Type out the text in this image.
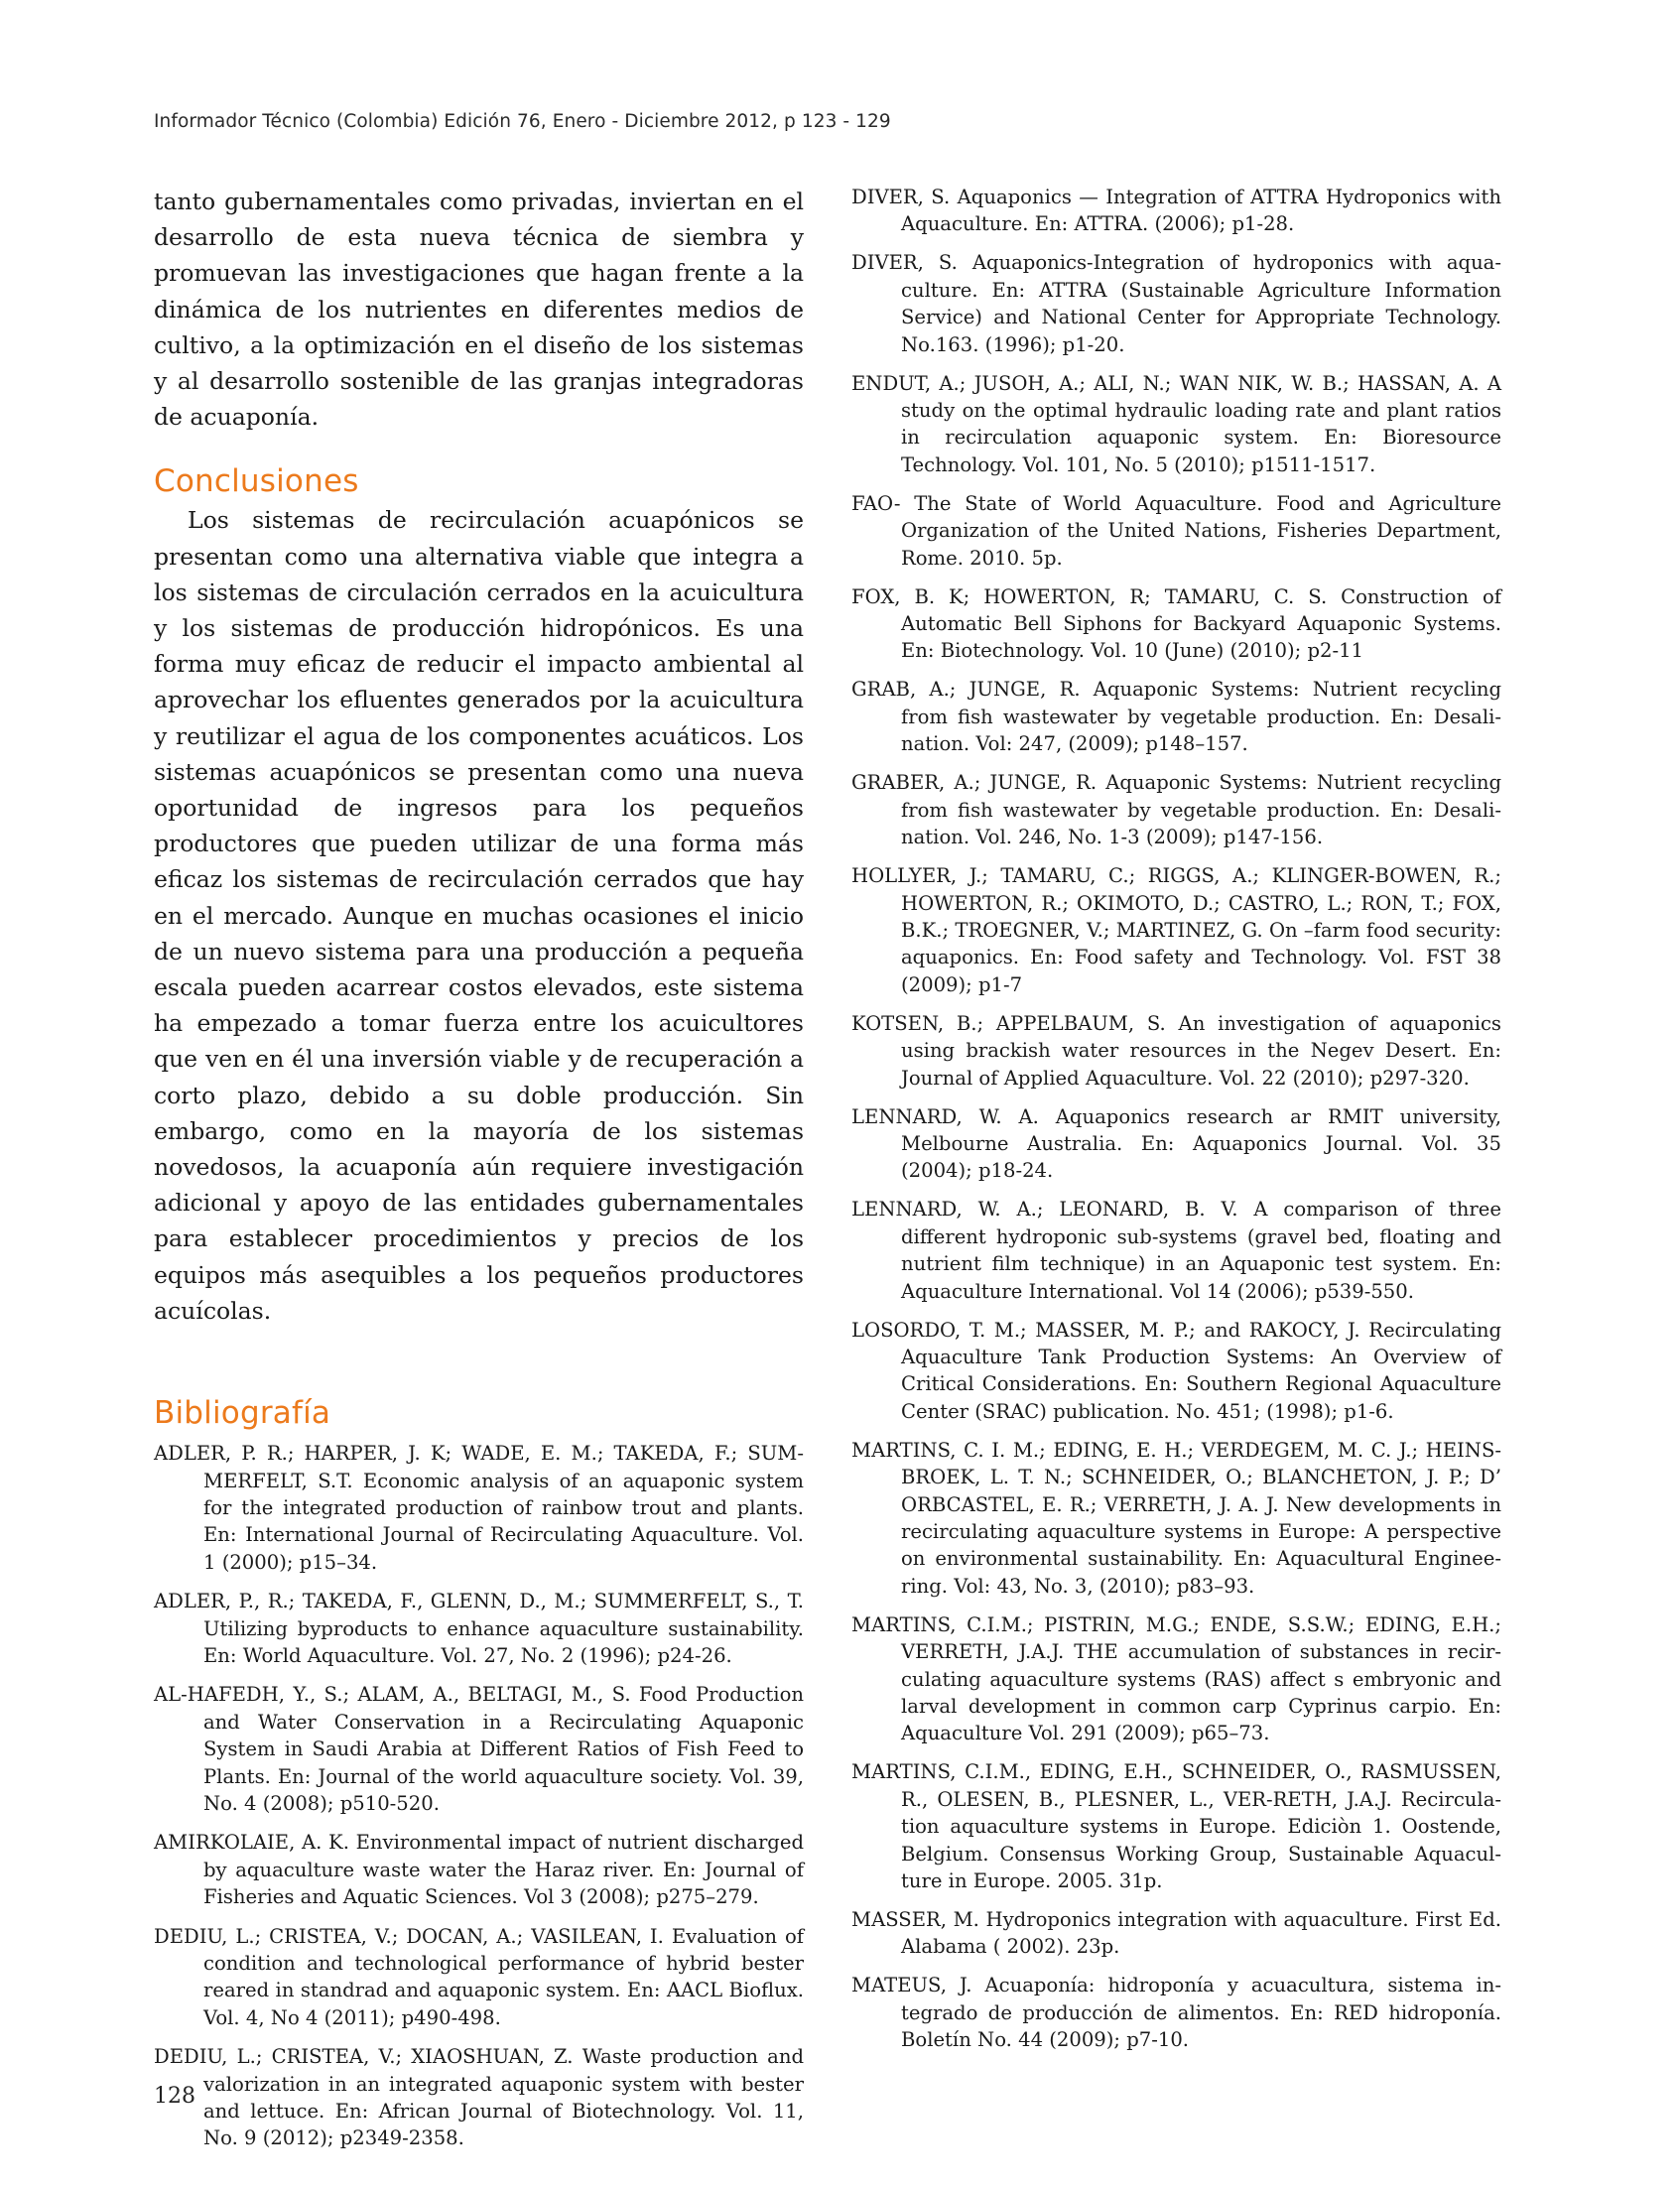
Informador Técnico (Colombia) Edición 76, Enero - Diciembre 2012, p 123 - 129

tanto gubernamentales como privadas, inviertan en el desarrollo de esta nueva técnica de siembra y promuevan las investigaciones que hagan frente a la dinámica de los nutrientes en diferentes medios de cultivo, a la optimización en el diseño de los sistemas y al desarrollo sostenible de las granjas integradoras de acuaponía.

Conclusiones

Los sistemas de recirculación acuapónicos se presentan como una alternativa viable que integra a los sistemas de circulación cerrados en la acuicultura y los sistemas de producción hidropónicos. Es una forma muy eficaz de reducir el impacto ambiental al aprovechar los efluentes generados por la acuicultura y reutilizar el agua de los componentes acuáticos. Los sistemas acuapónicos se presentan como una nueva oportunidad de ingresos para los pequeños productores que pueden utilizar de una forma más eficaz los sistemas de recirculación cerrados que hay en el mercado. Aunque en muchas ocasiones el inicio de un nuevo sistema para una producción a pequeña escala pueden acarrear costos elevados, este sistema ha empezado a tomar fuerza entre los acuicultores que ven en él una inversión viable y de recuperación a corto plazo, debido a su doble producción. Sin embargo, como en la mayoría de los sistemas novedosos, la acuaponía aún requiere investigación adicional y apoyo de las entidades gubernamentales para establecer procedimientos y precios de los equipos más asequibles a los pequeños productores acuícolas.

Bibliografía
ADLER, P. R.; HARPER, J. K; WADE, E. M.; TAKEDA, F.; SUMMERFELT, S.T. Economic analysis of an aquaponic system for the integrated production of rainbow trout and plants. En: International Journal of Recirculating Aquaculture. Vol. 1 (2000); p15–34.
ADLER, P., R.; TAKEDA, F., GLENN, D., M.; SUMMERFELT, S., T. Utilizing byproducts to enhance aquaculture sustainability. En: World Aquaculture. Vol. 27, No. 2 (1996); p24-26.
AL-HAFEDH, Y., S.; ALAM, A., BELTAGI, M., S. Food Production and Water Conservation in a Recirculating Aquaponic System in Saudi Arabia at Different Ratios of Fish Feed to Plants. En: Journal of the world aquaculture society. Vol. 39, No. 4 (2008); p510-520.
AMIRKOLAIE, A. K. Environmental impact of nutrient discharged by aquaculture waste water the Haraz river. En: Journal of Fisheries and Aquatic Sciences. Vol 3 (2008); p275–279.
DEDIU, L.; CRISTEA, V.; DOCAN, A.; VASILEAN, I. Evaluation of condition and technological performance of hybrid bester reared in standrad and aquaponic system. En: AACL Bioflux. Vol. 4, No 4 (2011); p490-498.
DEDIU, L.; CRISTEA, V.; XIAOSHUAN, Z. Waste production and valorization in an integrated aquaponic system with bester and lettuce. En: African Journal of Biotechnology. Vol. 11, No. 9 (2012); p2349-2358.
DIVER, S. Aquaponics — Integration of ATTRA Hydroponics with Aquaculture. En: ATTRA. (2006); p1-28.
DIVER, S. Aquaponics-Integration of hydroponics with aquaculture. En: ATTRA (Sustainable Agriculture Information Service) and National Center for Appropriate Technology. No.163. (1996); p1-20.
ENDUT, A.; JUSOH, A.; ALI, N.; WAN NIK, W. B.; HASSAN, A. A study on the optimal hydraulic loading rate and plant ratios in recirculation aquaponic system. En: Bioresource Technology. Vol. 101, No. 5 (2010); p1511-1517.
FAO- The State of World Aquaculture. Food and Agriculture Organization of the United Nations, Fisheries Department, Rome. 2010. 5p.
FOX, B. K; HOWERTON, R; TAMARU, C. S. Construction of Automatic Bell Siphons for Backyard Aquaponic Systems. En: Biotechnology. Vol. 10 (June) (2010); p2-11
GRAB, A.; JUNGE, R. Aquaponic Systems: Nutrient recycling from fish wastewater by vegetable production. En: Desalination. Vol: 247, (2009); p148–157.
GRABER, A.; JUNGE, R. Aquaponic Systems: Nutrient recycling from fish wastewater by vegetable production. En: Desalination. Vol. 246, No. 1-3 (2009); p147-156.
HOLLYER, J.; TAMARU, C.; RIGGS, A.; KLINGER-BOWEN, R.; HOWERTON, R.; OKIMOTO, D.; CASTRO, L.; RON, T.; FOX, B.K.; TROEGNER, V.; MARTINEZ, G. On –farm food security: aquaponics. En: Food safety and Technology. Vol. FST 38 (2009); p1-7
KOTSEN, B.; APPELBAUM, S. An investigation of aquaponics using brackish water resources in the Negev Desert. En: Journal of Applied Aquaculture. Vol. 22 (2010); p297-320.
LENNARD, W. A. Aquaponics research ar RMIT university, Melbourne Australia. En: Aquaponics Journal. Vol. 35 (2004); p18-24.
LENNARD, W. A.; LEONARD, B. V. A comparison of three different hydroponic sub-systems (gravel bed, floating and nutrient film technique) in an Aquaponic test system. En: Aquaculture International. Vol 14 (2006); p539-550.
LOSORDO, T. M.; MASSER, M. P.; and RAKOCY, J. Recirculating Aquaculture Tank Production Systems: An Overview of Critical Considerations. En: Southern Regional Aquaculture Center (SRAC) publication. No. 451; (1998); p1-6.
MARTINS, C. I. M.; EDING, E. H.; VERDEGEM, M. C. J.; HEINSBROEK, L. T. N.; SCHNEIDER, O.; BLANCHETON, J. P.; D’ ORBCASTEL, E. R.; VERRETH, J. A. J. New developments in recirculating aquaculture systems in Europe: A perspective on environmental sustainability. En: Aquacultural Engineering. Vol: 43, No. 3, (2010); p83–93.
MARTINS, C.I.M.; PISTRIN, M.G.; ENDE, S.S.W.; EDING, E.H.; VERRETH, J.A.J. THE accumulation of substances in recirculating aquaculture systems (RAS) affect s embryonic and larval development in common carp Cyprinus carpio. En: Aquaculture Vol. 291 (2009); p65–73.
MARTINS, C.I.M., EDING, E.H., SCHNEIDER, O., RASMUSSEN, R., OLESEN, B., PLESNER, L., VER-RETH, J.A.J. Recirculation aquaculture systems in Europe. Ediciòn 1. Oostende, Belgium. Consensus Working Group, Sustainable Aquaculture in Europe. 2005. 31p.
MASSER, M. Hydroponics integration with aquaculture. First Ed. Alabama ( 2002). 23p.
MATEUS, J. Acuaponía: hidroponía y acuacultura, sistema integrado de producción de alimentos. En: RED hidroponía. Boletín No. 44 (2009); p7-10.
128
